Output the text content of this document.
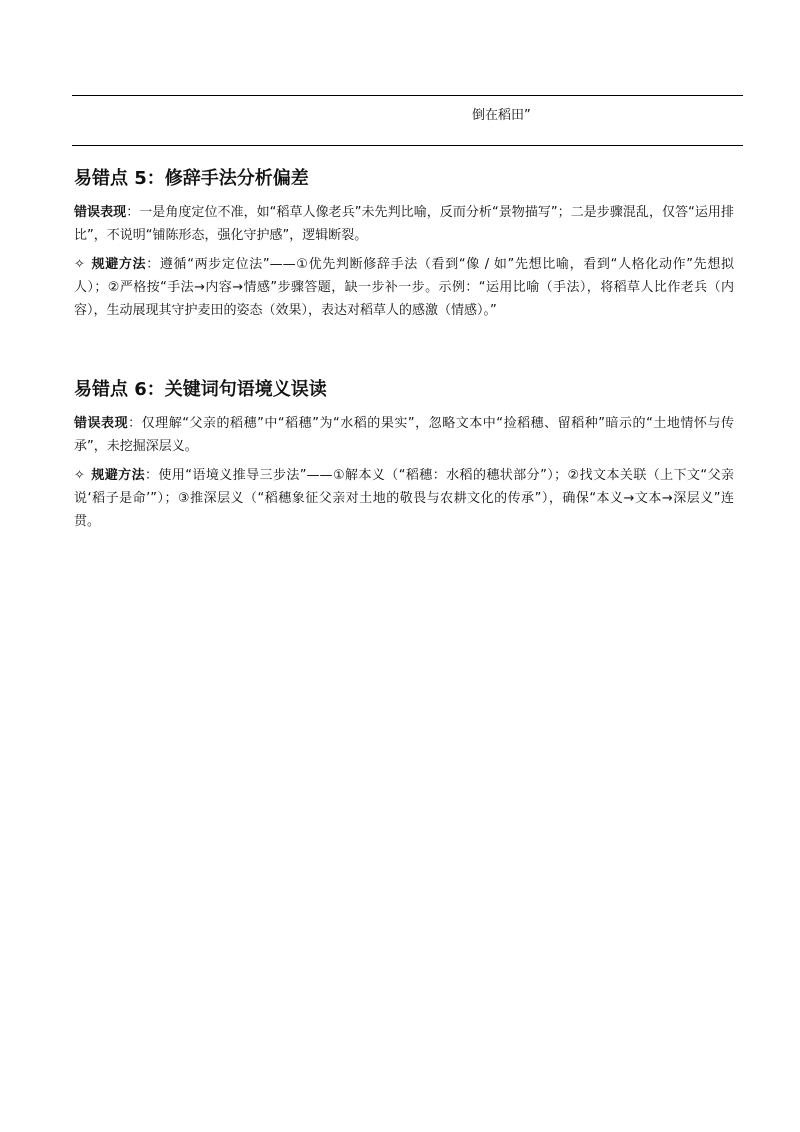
倒在稻田”
易错点 5：修辞手法分析偏差

错误表现：一是角度定位不准，如“稻草人像老兵”未先判比喻，反而分析“景物描写”；二是步骤混乱，仅答“运用排比”，不说明“铺陈形态，强化守护感”，逻辑断裂。

✧ 规避方法：遵循“两步定位法”——①优先判断修辞手法（看到“像 / 如”先想比喻，看到“人格化动作”先想拟人）；②严格按“手法→内容→情感”步骤答题，缺一步补一步。示例：“运用比喻（手法），将稻草人比作老兵（内容），生动展现其守护麦田的姿态（效果），表达对稻草人的感激（情感）。”

易错点 6：关键词句语境义误读

错误表现：仅理解“父亲的稻穗”中“稻穗”为“水稻的果实”，忽略文本中“捡稻穗、留稻种”暗示的“土地情怀与传承”，未挖掘深层义。

✧ 规避方法：使用“语境义推导三步法”——①解本义（“稻穗：水稻的穗状部分”）；②找文本关联（上下文“父亲说‘稻子是命’”）；③推深层义（“稻穗象征父亲对土地的敬畏与农耕文化的传承”），确保“本义→文本→深层义”连贯。
